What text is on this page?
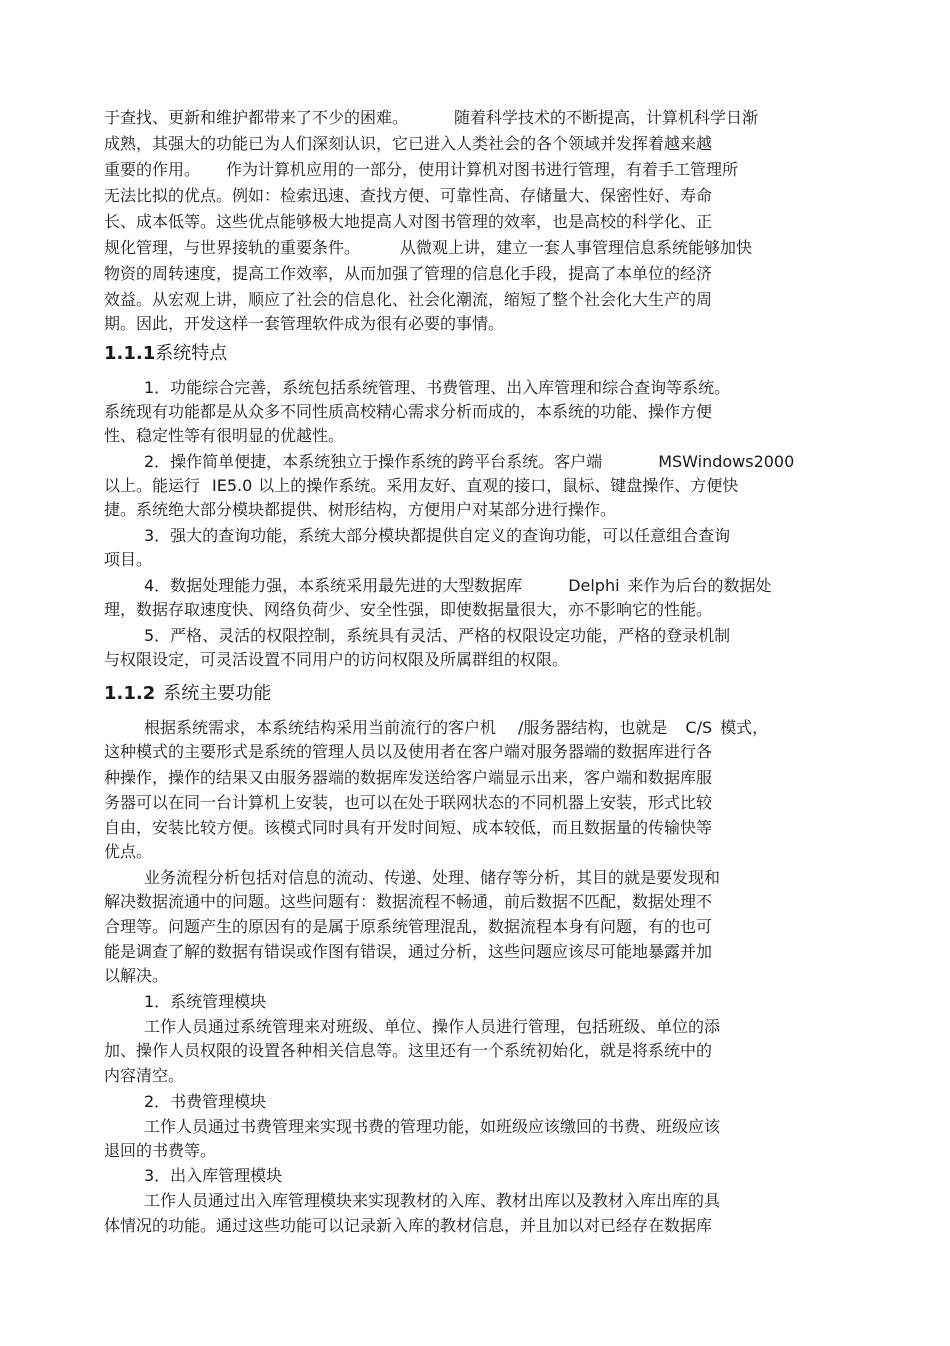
于查找、更新和维护都带来了不少的困难。	随着科学技术的不断提高，计算机科学日渐
成熟，其强大的功能已为人们深刻认识，它已进入人类社会的各个领域并发挥着越来越
重要的作用。 作为计算机应用的一部分，使用计算机对图书进行管理，有着手工管理所
无法比拟的优点。例如：检索迅速、查找方便、可靠性高、存储量大、保密性好、寿命
长、成本低等。这些优点能够极大地提高人对图书管理的效率，也是高校的科学化、正
规化管理，与世界接轨的重要条件。	从微观上讲，建立一套人事管理信息系统能够加快
物资的周转速度，提高工作效率，从而加强了管理的信息化手段，提高了本单位的经济
效益。从宏观上讲，顺应了社会的信息化、社会化潮流，缩短了整个社会化大生产的周
期。因此，开发这样一套管理软件成为很有必要的事情。
1.1.1系统特点
1．功能综合完善，系统包括系统管理、书费管理、出入库管理和综合查询等系统。
系统现有功能都是从众多不同性质高校精心需求分析而成的，本系统的功能、操作方便
性、稳定性等有很明显的优越性。
2．操作简单便捷，本系统独立于操作系统的跨平台系统。客户端	MSWindows2000
以上。能运行 IE5.0 以上的操作系统。采用友好、直观的接口，鼠标、键盘操作、方便快
捷。系统绝大部分模块都提供、树形结构，方便用户对某部分进行操作。
3．强大的查询功能，系统大部分模块都提供自定义的查询功能，可以任意组合查询
项目。
4．数据处理能力强，本系统采用最先进的大型数据库	Delphi 来作为后台的数据处
理，数据存取速度快、网络负荷少、安全性强，即使数据量很大，亦不影响它的性能。
5．严格、灵活的权限控制，系统具有灵活、严格的权限设定功能，严格的登录机制
与权限设定，可灵活设置不同用户的访问权限及所属群组的权限。
1.1.2 系统主要功能
根据系统需求，本系统结构采用当前流行的客户机 /服务器结构，也就是 C/S 模式，
这种模式的主要形式是系统的管理人员以及使用者在客户端对服务器端的数据库进行各
种操作，操作的结果又由服务器端的数据库发送给客户端显示出来，客户端和数据库服
务器可以在同一台计算机上安装，也可以在处于联网状态的不同机器上安装，形式比较
自由，安装比较方便。该模式同时具有开发时间短、成本较低，而且数据量的传输快等
优点。
业务流程分析包括对信息的流动、传递、处理、储存等分析，其目的就是要发现和
解决数据流通中的问题。这些问题有：数据流程不畅通，前后数据不匹配，数据处理不
合理等。问题产生的原因有的是属于原系统管理混乱，数据流程本身有问题，有的也可
能是调查了解的数据有错误或作图有错误，通过分析，这些问题应该尽可能地暴露并加
以解决。
1．系统管理模块
工作人员通过系统管理来对班级、单位、操作人员进行管理，包括班级、单位的添
加、操作人员权限的设置各种相关信息等。这里还有一个系统初始化，就是将系统中的
内容清空。
2．书费管理模块
工作人员通过书费管理来实现书费的管理功能，如班级应该缴回的书费、班级应该
退回的书费等。
3．出入库管理模块
工作人员通过出入库管理模块来实现教材的入库、教材出库以及教材入库出库的具
体情况的功能。通过这些功能可以记录新入库的教材信息，并且加以对已经存在数据库
